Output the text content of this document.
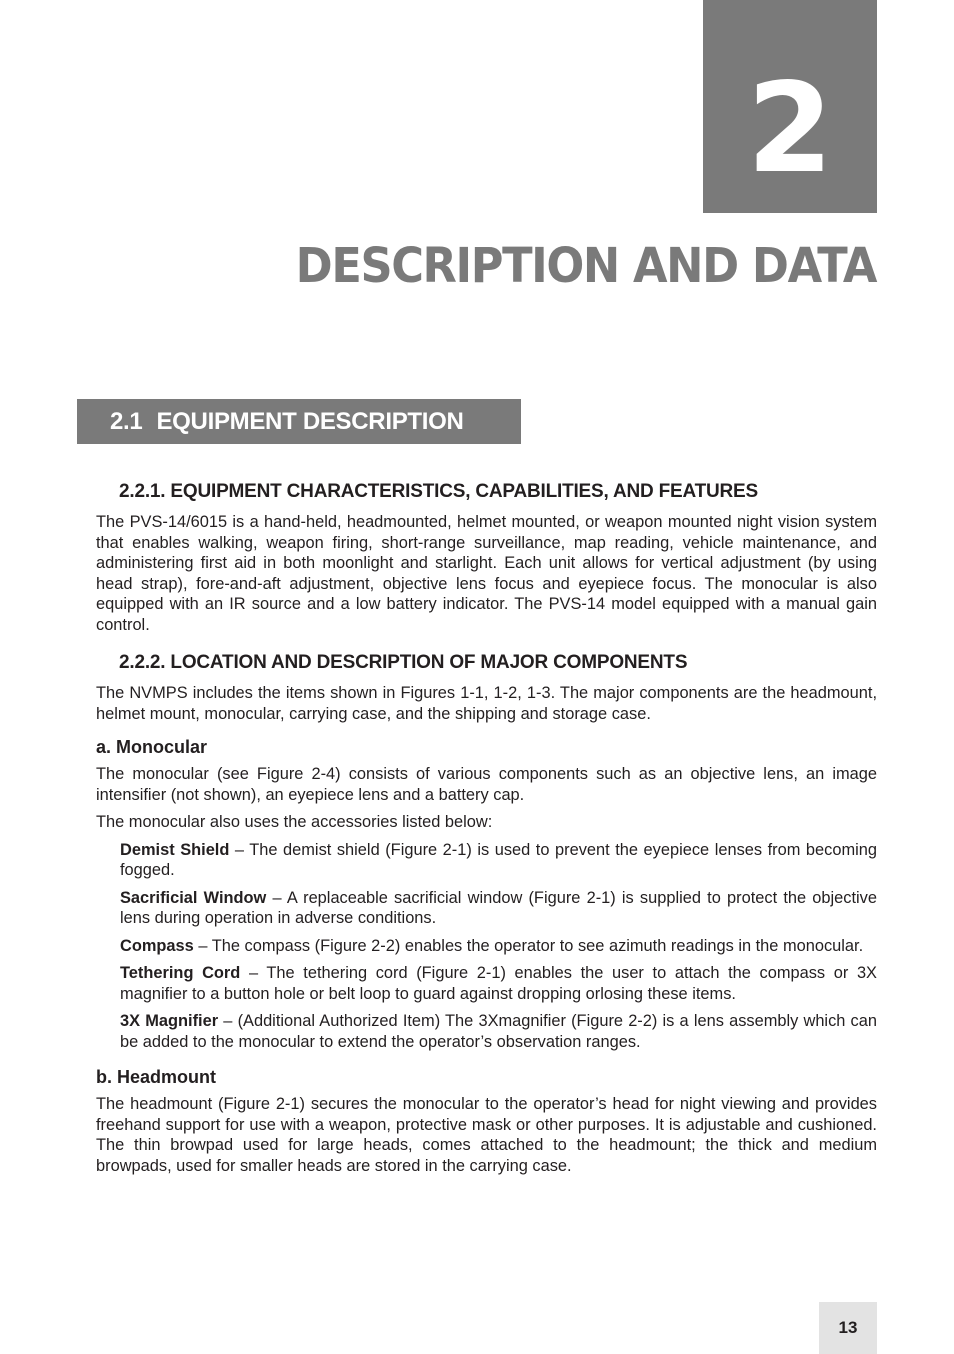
2
DESCRIPTION AND DATA
2.1 EQUIPMENT DESCRIPTION
2.2.1. EQUIPMENT CHARACTERISTICS, CAPABILITIES, AND FEATURES

The PVS-14/6015 is a hand-held, headmounted, helmet mounted, or weapon mounted night vision system that enables walking, weapon firing, short-range surveillance, map reading, vehicle maintenance, and administering first aid in both moonlight and starlight. Each unit allows for vertical adjustment (by using head strap), fore-and-aft adjustment, objective lens focus and eyepiece focus. The monocular is also equipped with an IR source and a low battery indicator. The PVS-14 model equipped with a manual gain control.

2.2.2. LOCATION AND DESCRIPTION OF MAJOR COMPONENTS

The NVMPS includes the items shown in Figures 1-1, 1-2, 1-3. The major components are the headmount, helmet mount, monocular, carrying case, and the shipping and storage case.

a. Monocular

The monocular (see Figure 2-4) consists of various components such as an objective lens, an image intensifier (not shown), an eyepiece lens and a battery cap.

The monocular also uses the accessories listed below:

Demist Shield – The demist shield (Figure 2-1) is used to prevent the eyepiece lenses from becoming fogged.

Sacrificial Window – A replaceable sacrificial window (Figure 2-1) is supplied to protect the objective lens during operation in adverse conditions.

Compass – The compass (Figure 2-2) enables the operator to see azimuth readings in the monocular.

Tethering Cord – The tethering cord (Figure 2-1) enables the user to attach the compass or 3X magnifier to a button hole or belt loop to guard against dropping orlosing these items.

3X Magnifier – (Additional Authorized Item) The 3Xmagnifier (Figure 2-2) is a lens assembly which can be added to the monocular to extend the operator’s observation ranges.

b. Headmount

The headmount (Figure 2-1) secures the monocular to the operator’s head for night viewing and provides freehand support for use with a weapon, protective mask or other purposes. It is adjustable and cushioned. The thin browpad used for large heads, comes attached to the headmount; the thick and medium browpads, used for smaller heads are stored in the carrying case.

13
